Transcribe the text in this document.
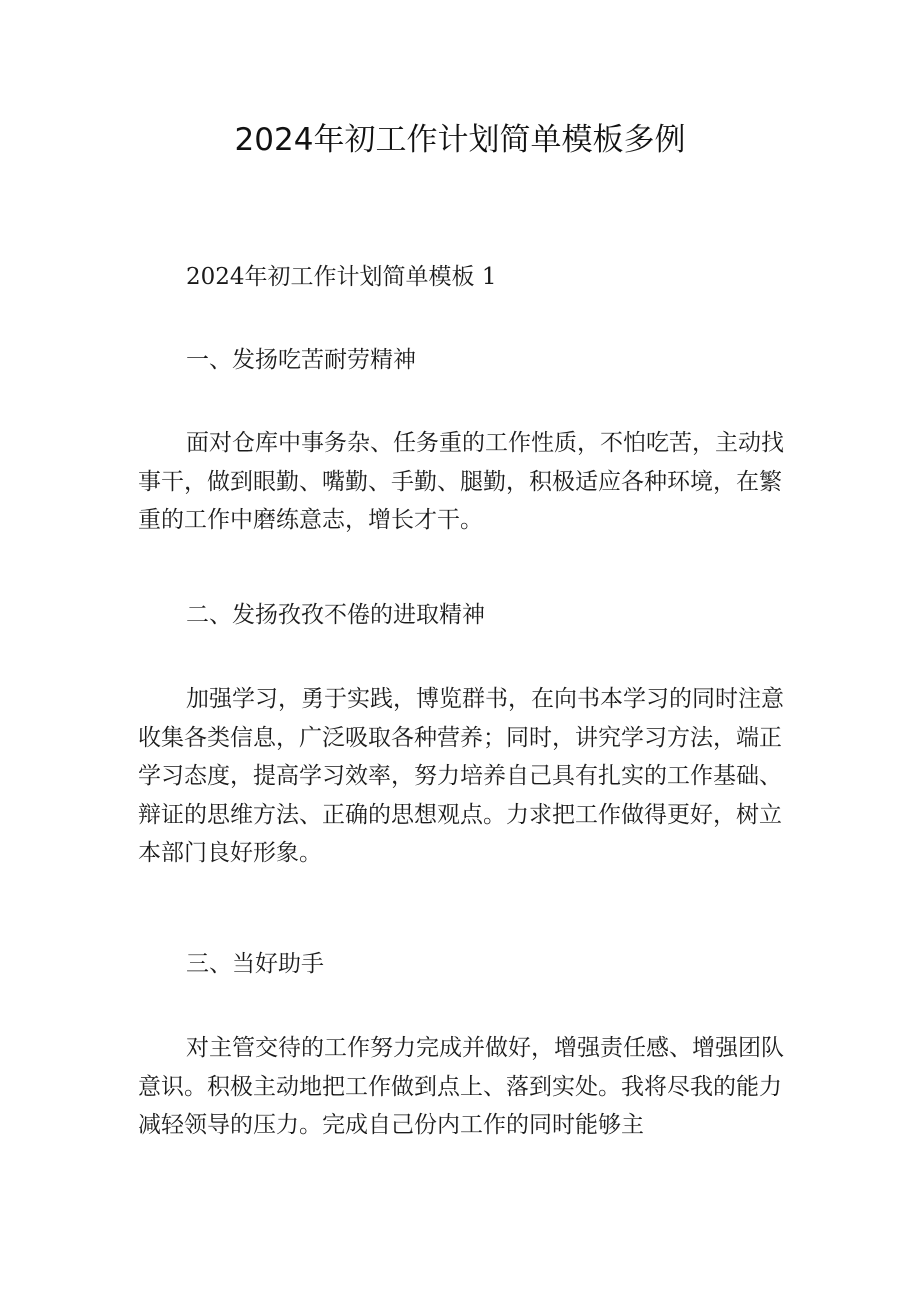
2024年初工作计划简单模板多例
2024年初工作计划简单模板 1
一、发扬吃苦耐劳精神
面对仓库中事务杂、任务重的工作性质，不怕吃苦，主动找
事干，做到眼勤、嘴勤、手勤、腿勤，积极适应各种环境，在繁
重的工作中磨练意志，增长才干。
二、发扬孜孜不倦的进取精神
加强学习，勇于实践，博览群书，在向书本学习的同时注意
收集各类信息，广泛吸取各种营养；同时，讲究学习方法，端正
学习态度，提高学习效率，努力培养自己具有扎实的工作基础、
辩证的思维方法、正确的思想观点。力求把工作做得更好，树立
本部门良好形象。
三、当好助手
对主管交待的工作努力完成并做好，增强责任感、增强团队
意识。积极主动地把工作做到点上、落到实处。我将尽我的能力
减轻领导的压力。完成自己份内工作的同时能够主
